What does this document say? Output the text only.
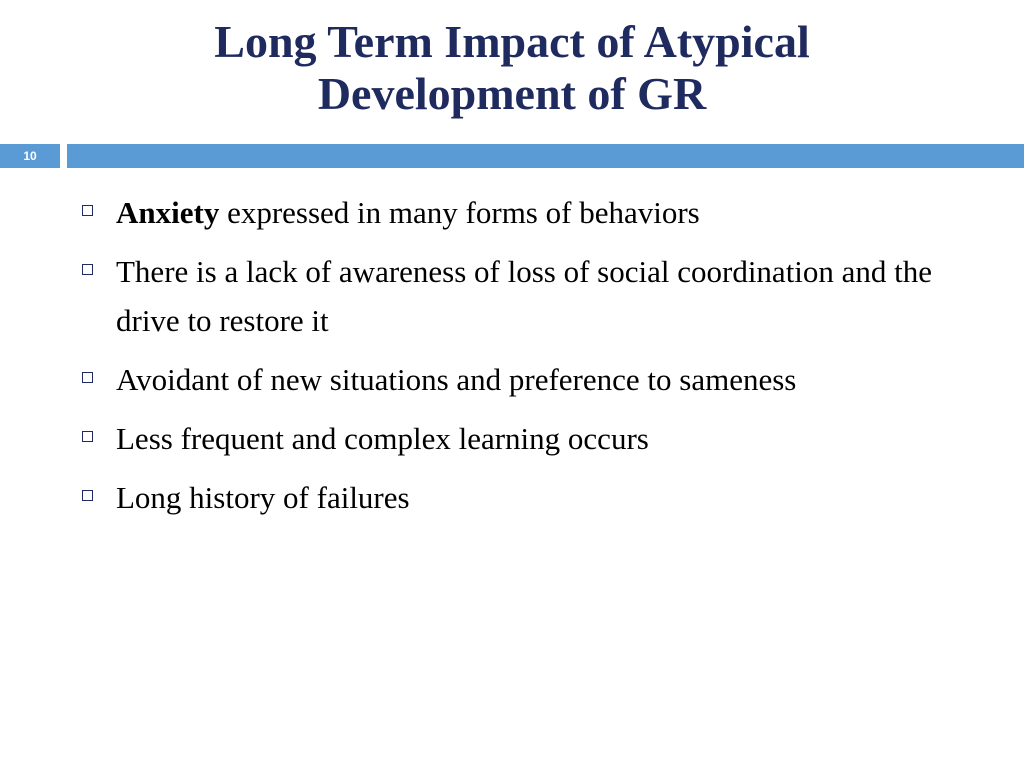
Long Term Impact of Atypical
Development of GR
10
Anxiety expressed in many forms of behaviors
There is a lack of awareness of loss of social coordination and the drive to restore it
Avoidant of new situations and preference to sameness
Less frequent and complex learning occurs
Long history of failures
